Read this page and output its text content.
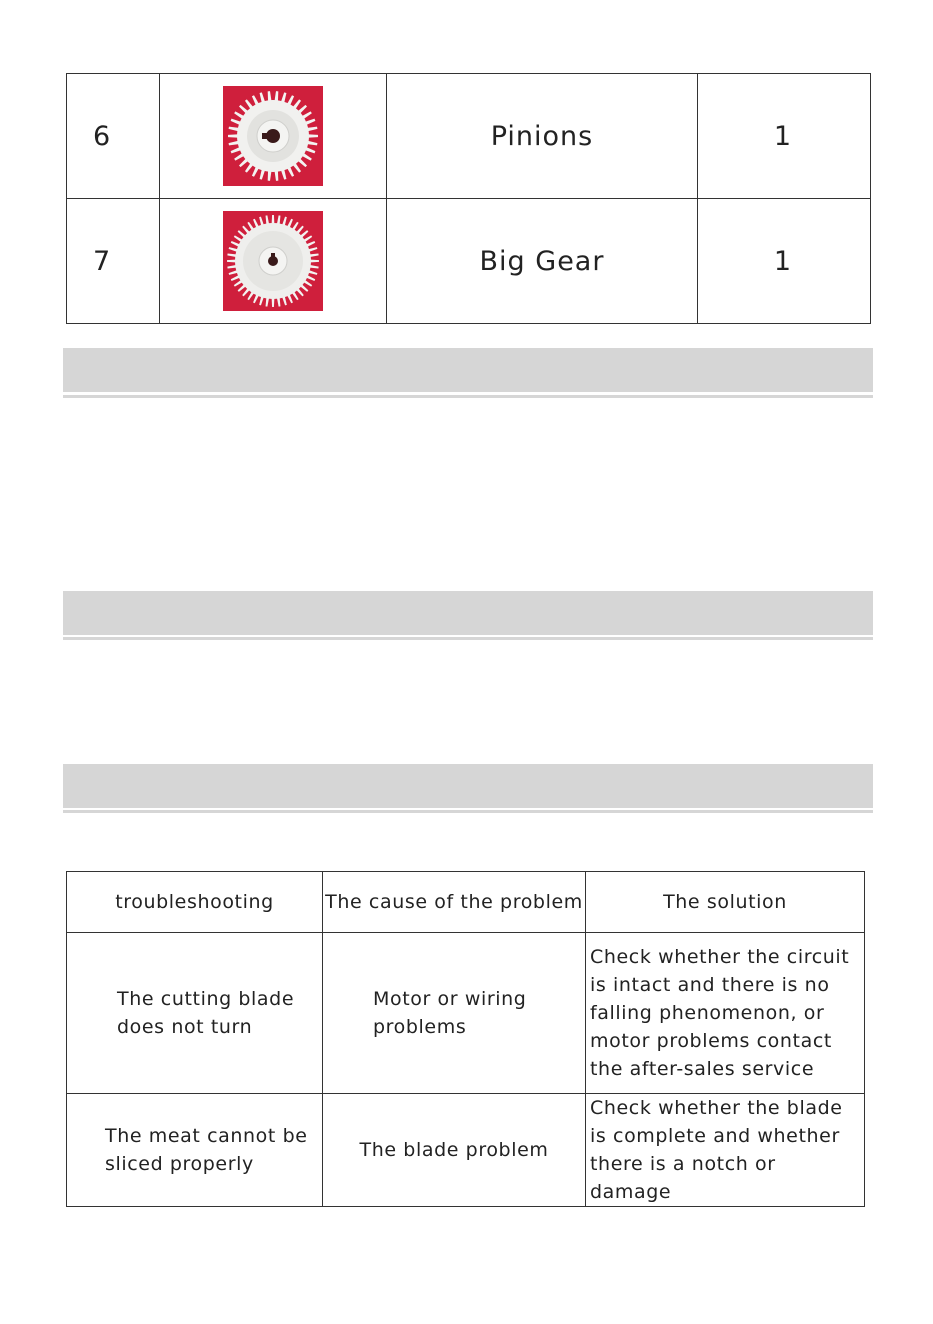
6		Pinions	1
7		Big Gear	1
troubleshooting	The cause of the problem	The solution

The cutting blade does not turn	Motor or wiring problems	Check whether the circuit is intact and there is no falling phenomenon, or motor problems contact the after-sales service

The meat cannot be sliced properly	The blade problem	Check whether the blade is complete and whether there is a notch or damage
